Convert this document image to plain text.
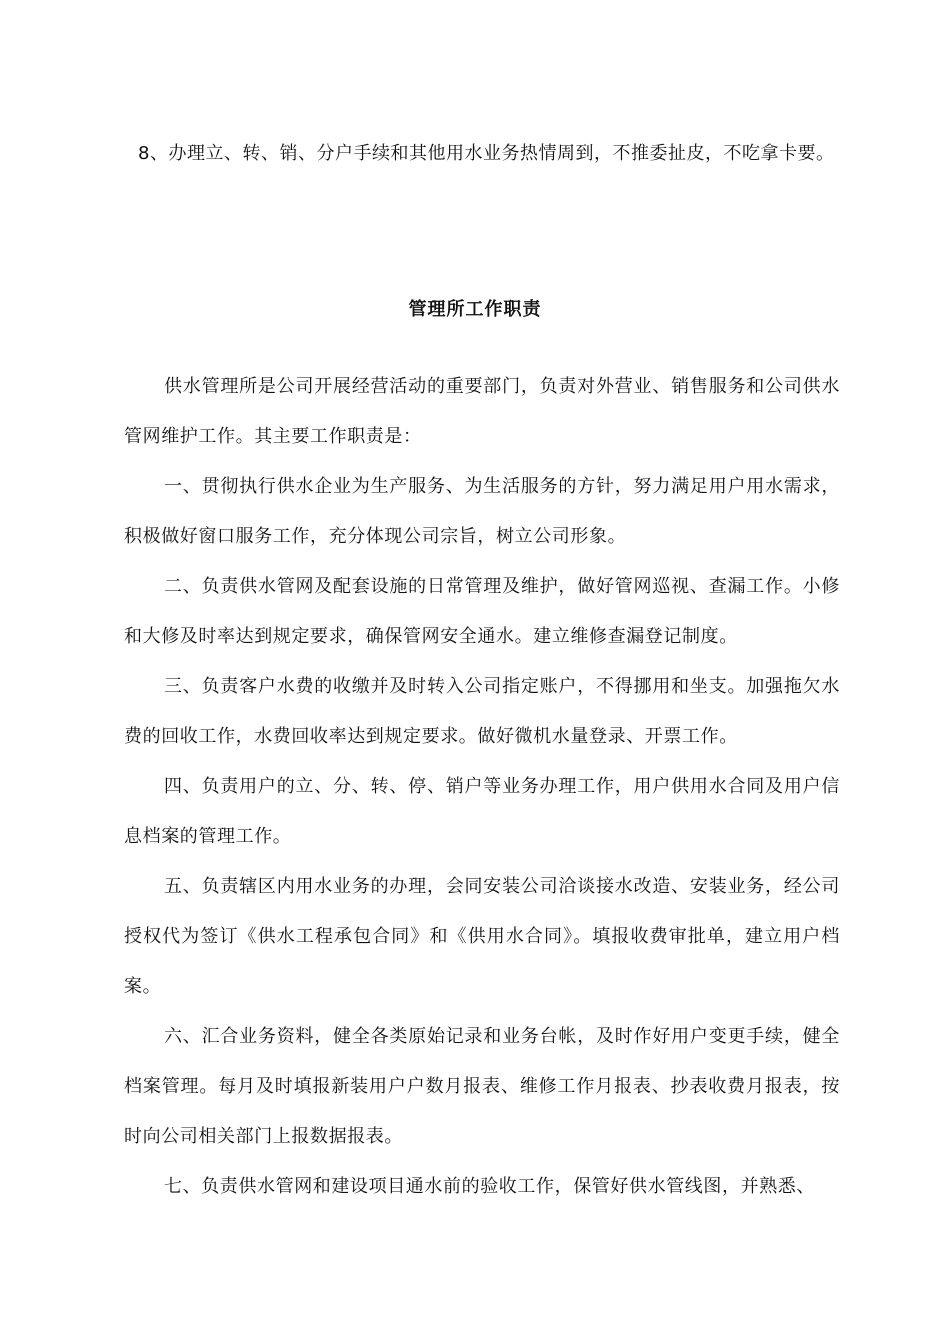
8、办理立、转、销、分户手续和其他用水业务热情周到，不推委扯皮，不吃拿卡要。
管理所工作职责

供水管理所是公司开展经营活动的重要部门，负责对外营业、销售服务和公司供水管网维护工作。其主要工作职责是：

一、贯彻执行供水企业为生产服务、为生活服务的方针，努力满足用户用水需求，积极做好窗口服务工作，充分体现公司宗旨，树立公司形象。

二、负责供水管网及配套设施的日常管理及维护，做好管网巡视、查漏工作。小修和大修及时率达到规定要求，确保管网安全通水。建立维修查漏登记制度。

三、负责客户水费的收缴并及时转入公司指定账户，不得挪用和坐支。加强拖欠水费的回收工作，水费回收率达到规定要求。做好微机水量登录、开票工作。

四、负责用户的立、分、转、停、销户等业务办理工作，用户供用水合同及用户信息档案的管理工作。

五、负责辖区内用水业务的办理，会同安装公司洽谈接水改造、安装业务，经公司授权代为签订《供水工程承包合同》和《供用水合同》。填报收费审批单，建立用户档案。

六、汇合业务资料，健全各类原始记录和业务台帐，及时作好用户变更手续，健全档案管理。每月及时填报新装用户户数月报表、维修工作月报表、抄表收费月报表，按时向公司相关部门上报数据报表。

七、负责供水管网和建设项目通水前的验收工作，保管好供水管线图，并熟悉、
